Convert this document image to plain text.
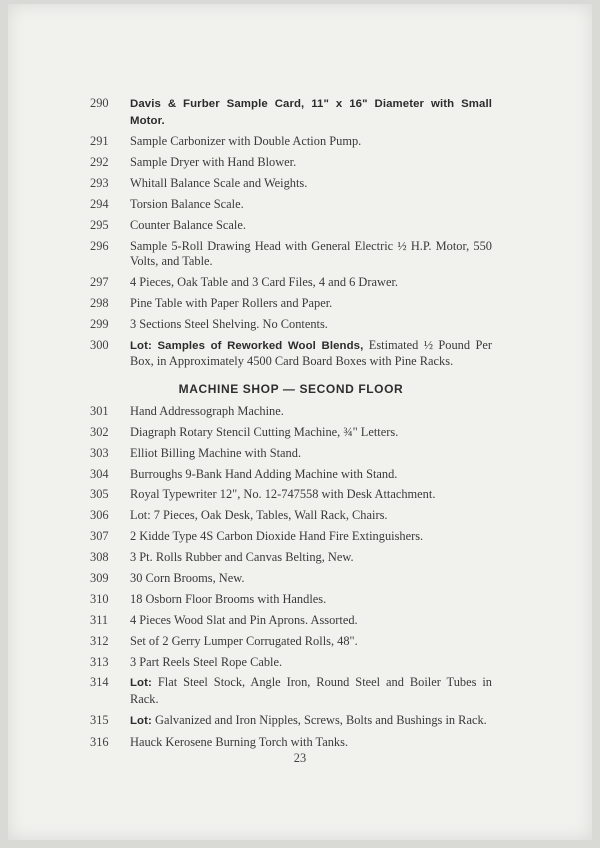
290	Davis & Furber Sample Card, 11" x 16" Diameter with Small Motor.
291	Sample Carbonizer with Double Action Pump.
292	Sample Dryer with Hand Blower.
293	Whitall Balance Scale and Weights.
294	Torsion Balance Scale.
295	Counter Balance Scale.
296	Sample 5-Roll Drawing Head with General Electric ½ H.P. Motor, 550 Volts, and Table.
297	4 Pieces, Oak Table and 3 Card Files, 4 and 6 Drawer.
298	Pine Table with Paper Rollers and Paper.
299	3 Sections Steel Shelving. No Contents.
300	Lot: Samples of Reworked Wool Blends, Estimated ½ Pound Per Box, in Approximately 4500 Card Board Boxes with Pine Racks.
MACHINE SHOP — SECOND FLOOR
301	Hand Addressograph Machine.
302	Diagraph Rotary Stencil Cutting Machine, ¾" Letters.
303	Elliot Billing Machine with Stand.
304	Burroughs 9-Bank Hand Adding Machine with Stand.
305	Royal Typewriter 12", No. 12-747558 with Desk Attachment.
306	Lot: 7 Pieces, Oak Desk, Tables, Wall Rack, Chairs.
307	2 Kidde Type 4S Carbon Dioxide Hand Fire Extinguishers.
308	3 Pt. Rolls Rubber and Canvas Belting, New.
309	30 Corn Brooms, New.
310	18 Osborn Floor Brooms with Handles.
311	4 Pieces Wood Slat and Pin Aprons. Assorted.
312	Set of 2 Gerry Lumper Corrugated Rolls, 48".
313	3 Part Reels Steel Rope Cable.
314	Lot: Flat Steel Stock, Angle Iron, Round Steel and Boiler Tubes in Rack.
315	Lot: Galvanized and Iron Nipples, Screws, Bolts and Bushings in Rack.
316	Hauck Kerosene Burning Torch with Tanks.
23
